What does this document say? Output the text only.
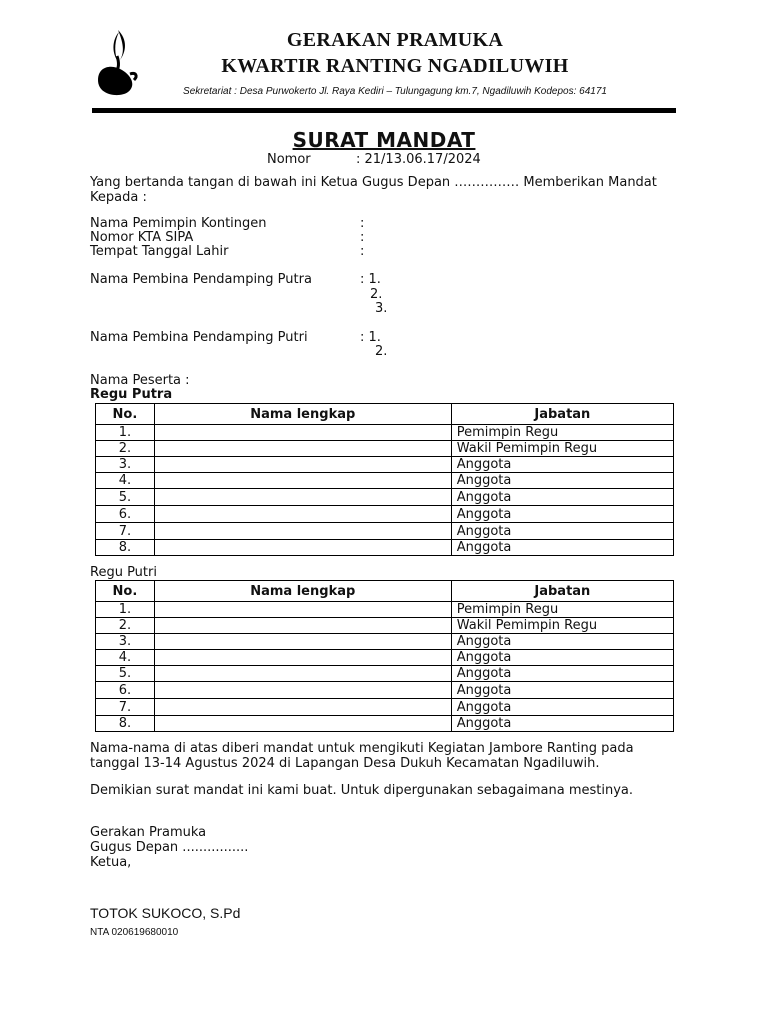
GERAKAN PRAMUKA
KWARTIR RANTING NGADILUWIH
Sekretariat : Desa Purwokerto Jl. Raya Kediri – Tulungagung km.7, Ngadiluwih Kodepos: 64171
SURAT MANDAT
Nomor	: 21/13.06.17/2024
Yang bertanda tangan di bawah ini Ketua Gugus Depan …………… Memberikan Mandat Kepada :
Nama Pemimpin Kontingen	:
Nomor KTA SIPA	:
Tempat Tanggal Lahir	:
Nama Pembina Pendamping Putra	: 1.
2.
3.
Nama Pembina Pendamping Putri	: 1.
2.
Nama Peserta :
Regu Putra
No.	Nama lengkap	Jabatan
1.		Pemimpin Regu
2.		Wakil Pemimpin Regu
3.		Anggota
4.		Anggota
5.		Anggota
6.		Anggota
7.		Anggota
8.		Anggota
Regu Putri
No.	Nama lengkap	Jabatan
1.		Pemimpin Regu
2.		Wakil Pemimpin Regu
3.		Anggota
4.		Anggota
5.		Anggota
6.		Anggota
7.		Anggota
8.		Anggota
Nama-nama di atas diberi mandat untuk mengikuti Kegiatan Jambore Ranting pada tanggal 13-14 Agustus 2024 di Lapangan Desa Dukuh Kecamatan Ngadiluwih.
Demikian surat mandat ini kami buat. Untuk dipergunakan sebagaimana mestinya.
Gerakan Pramuka
Gugus Depan ................
Ketua,
TOTOK SUKOCO, S.Pd
NTA 020619680010
